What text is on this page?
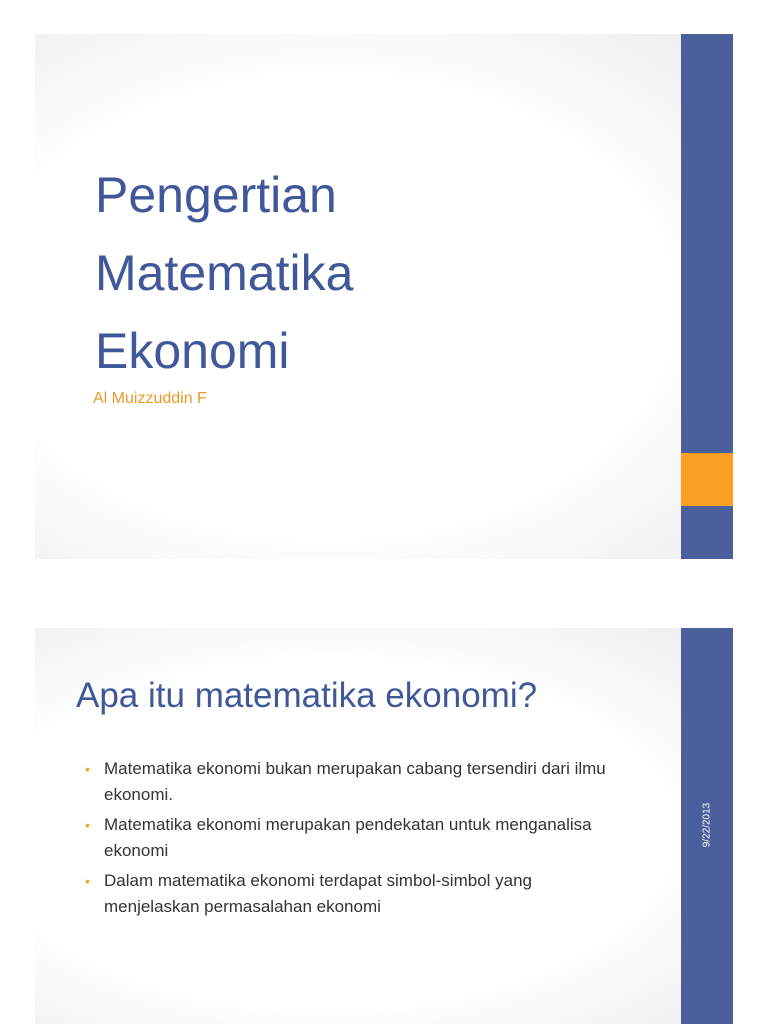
Pengertian
Matematika
Ekonomi
Al Muizzuddin F
Apa itu matematika ekonomi?
• Matematika ekonomi bukan merupakan cabang tersendiri dari ilmu ekonomi.
• Matematika ekonomi merupakan pendekatan untuk menganalisa ekonomi
• Dalam matematika ekonomi terdapat simbol-simbol yang menjelaskan permasalahan ekonomi
9/22/2013
